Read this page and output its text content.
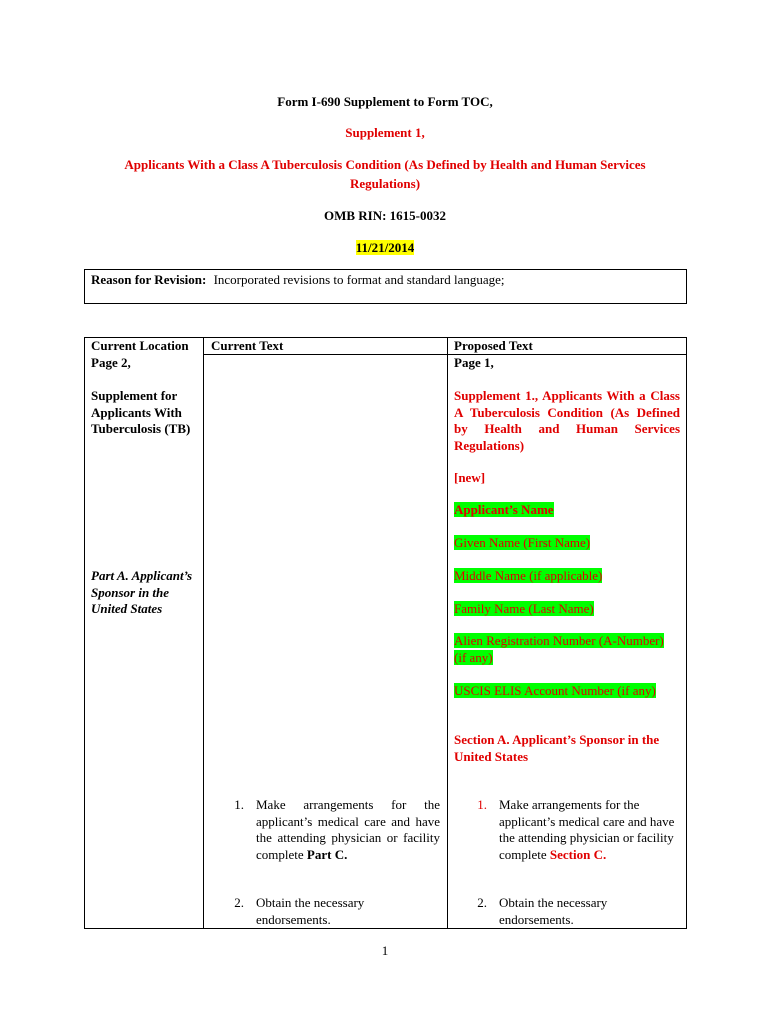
Form I-690 Supplement to Form TOC,
Supplement 1,
Applicants With a Class A Tuberculosis Condition (As Defined by Health and Human Services
Regulations)
OMB RIN: 1615-0032
11/21/2014
Reason for Revision: Incorporated revisions to format and standard language;
Current Location
Page 2,
Supplement for Applicants With Tuberculosis (TB)
Part A. Applicant’s Sponsor in the United States
Current Text	Proposed Text
Page 1,
Supplement 1., Applicants With a Class A Tuberculosis Condition (As Defined by Health and Human Services Regulations)
[new]
Applicant’s Name
Given Name (First Name)
Middle Name (if applicable)
Family Name (Last Name)
Alien Registration Number (A-Number)
(if any)
USCIS ELIS Account Number (if any)
Section A. Applicant’s Sponsor in the United States
1. Make arrangements for the applicant’s medical care and have the attending physician or facility complete Part C.
2. Obtain the necessary endorsements.
1. Make arrangements for the applicant’s medical care and have the attending physician or facility complete Section C.
2. Obtain the necessary endorsements.
1
